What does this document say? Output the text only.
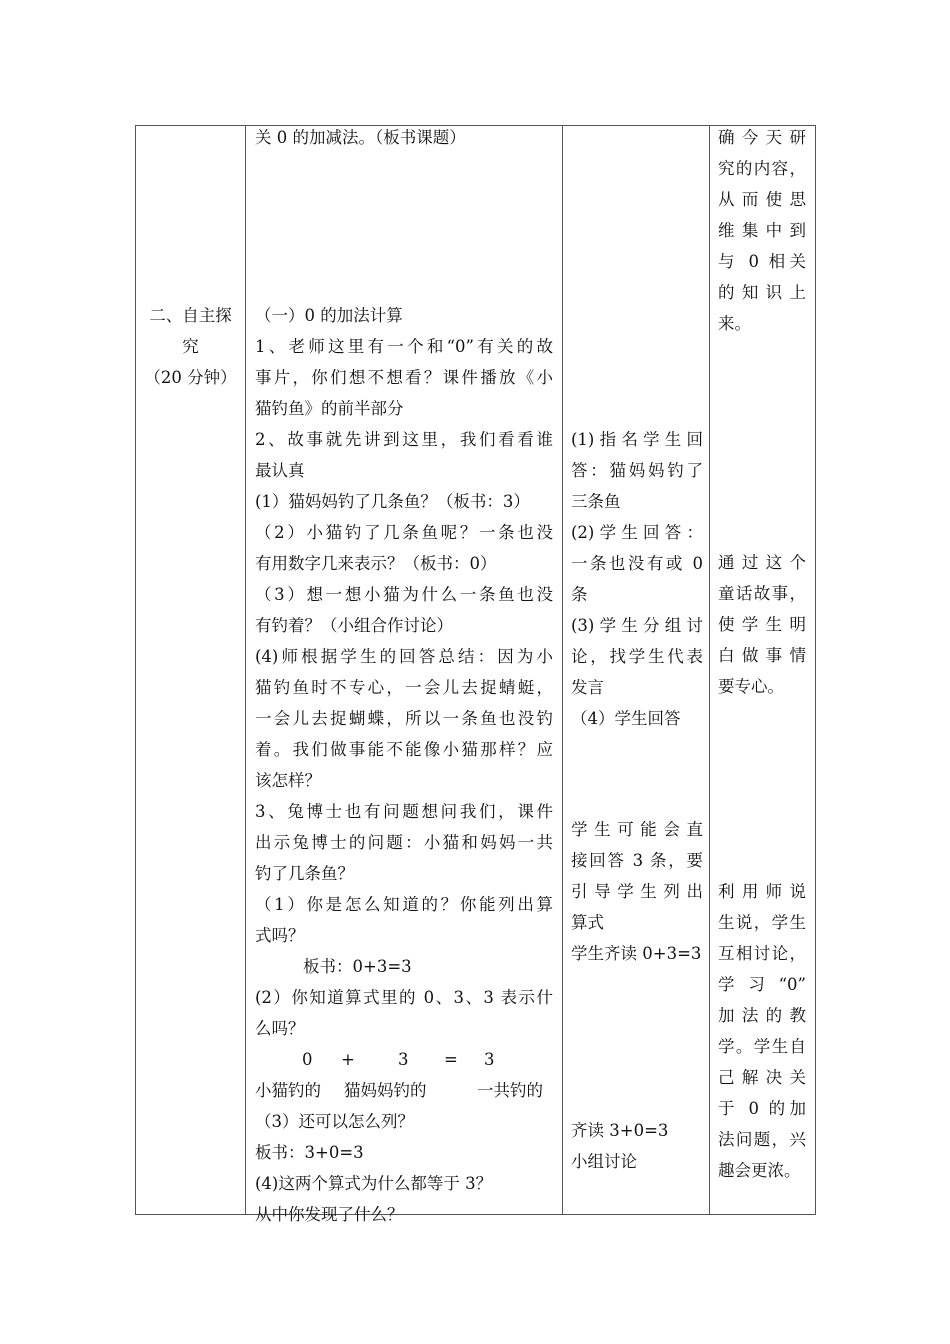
二、自主探

究

（20 分钟）

关 0 的加减法。（板书课题）

（一）0 的加法计算

1、老师这里有一个和“0”有关的故

事片，你们想不想看？课件播放《小

猫钓鱼》的前半部分

2、故事就先讲到这里，我们看看谁

最认真

(1）猫妈妈钓了几条鱼？（板书：3）

（2）小猫钓了几条鱼呢？一条也没

有用数字几来表示？（板书：0）

（3）想一想小猫为什么一条鱼也没

有钓着？（小组合作讨论）

(4)师根据学生的回答总结：因为小

猫钓鱼时不专心，一会儿去捉蜻蜓，

一会儿去捉蝴蝶，所以一条鱼也没钓

着。我们做事能不能像小猫那样？应

该怎样？

3、兔博士也有问题想问我们，课件

出示兔博士的问题：小猫和妈妈一共

钓了几条鱼？

（1）你是怎么知道的？你能列出算

式吗？

板书：0+3=3

(2）你知道算式里的 0、3、3 表示什

么吗？

0 +	3 = 3

小猫钓的 猫妈妈钓的	一共钓的

（3）还可以怎么列？

板书：3+0=3

(4)这两个算式为什么都等于 3？

从中你发现了什么？

(1)指名学生回

答：猫妈妈钓了

三条鱼

(2)学生回答：

一条也没有或 0

条

(3)学生分组讨

论，找学生代表

发言

（4）学生回答

学生可能会直

接回答 3 条，要

引导学生列出

算式

学生齐读 0+3=3

齐读 3+0=3

小组讨论

确今天研

究的内容，

从而使思

维集中到

与 0 相关

的知识上

来。

通过这个

童话故事，

使学生明

白做事情

要专心。

利用师说

生说，学生

互相讨论，

学习“0”

加法的教

学。学生自

己解决关

于 0 的加

法问题，兴

趣会更浓。
